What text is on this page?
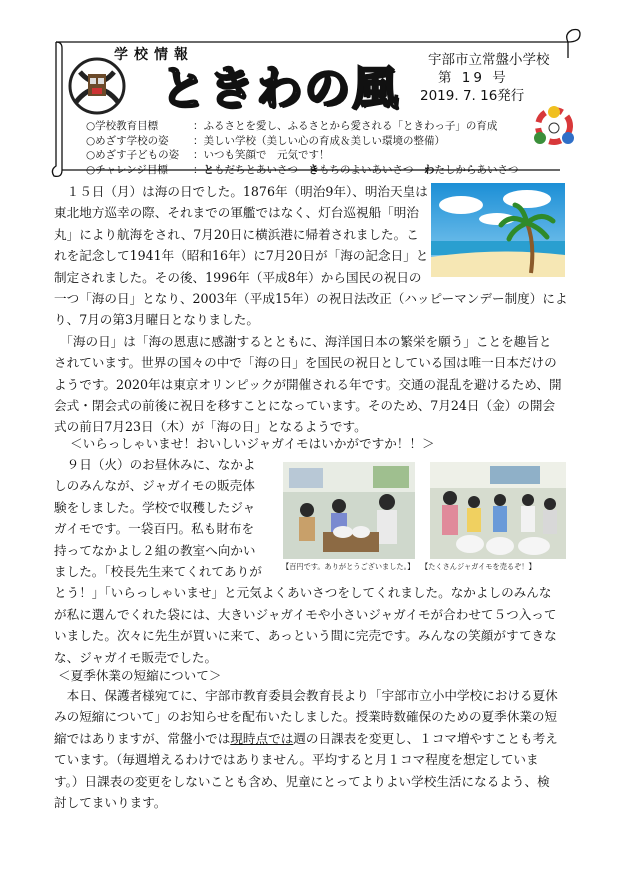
学校情報
ときわの風
宇部市立常盤小学校
第 19 号
2019. 7. 16発行
○学校教育目標	：ふるさとを愛し、ふるさとから愛される「ときわっ子」の育成
○めざす学校の姿 ：美しい学校（美しい心の育成＆美しい環境の整備）
○めざす子どもの姿 ：いつも笑顔で　元気です！
○チャレンジ目標 ：ともだちとあいさつ　きもちのよいあいさつ　わたしからあいさつ
　１５日（月）は海の日でした。1876年（明治9年）、明治天皇は
東北地方巡幸の際、それまでの軍艦ではなく、灯台巡視船「明治
丸」により航海をされ、7月20日に横浜港に帰着されました。こ
れを記念して1941年（昭和16年）に7月20日が「海の記念日」と
制定されました。その後、1996年（平成8年）から国民の祝日の
一つ「海の日」となり、2003年（平成15年）の祝日法改正（ハッピーマンデー制度）によ
り、7月の第3月曜日となりました。
　「海の日」は「海の恩恵に感謝するとともに、海洋国日本の繁栄を願う」ことを趣旨と
されています。世界の国々の中で「海の日」を国民の祝日としている国は唯一日本だけの
ようです。2020年は東京オリンピックが開催される年です。交通の混乱を避けるため、開
会式・閉会式の前後に祝日を移すことになっています。そのため、7月24日（金）の開会
式の前日7月23日（木）が「海の日」となるようです。
＜いらっしゃいませ！おいしいジャガイモはいかがですか！！＞
　９日（火）のお昼休みに、なかよ
しのみんなが、ジャガイモの販売体
験をしました。学校で収穫したジャ
ガイモです。一袋百円。私も財布を
持ってなかよし２組の教室へ向かい
ました。「校長先生来てくれてありが
とう！」「いらっしゃいませ」と元気よくあいさつをしてくれました。なかよしのみんな
が私に選んでくれた袋には、大きいジャガイモや小さいジャガイモが合わせて５つ入って
いました。次々に先生が買いに来て、あっという間に完売です。みんなの笑顔がすてきな
な、ジャガイモ販売でした。
【百円です。ありがとうございました。】 【たくさんジャガイモを売るぞ！】
＜夏季休業の短縮について＞
　本日、保護者様宛てに、宇部市教育委員会教育長より「宇部市立小中学校における夏休
みの短縮について」のお知らせを配布いたしました。授業時数確保のための夏季休業の短
縮ではありますが、常盤小では現時点では週の日課表を変更し、１コマ増やすことも考え
ています。（毎週増えるわけではありません。平均すると月１コマ程度を想定していま
す。）日課表の変更をしないことも含め、児童にとってよりよい学校生活になるよう、検
討してまいります。
